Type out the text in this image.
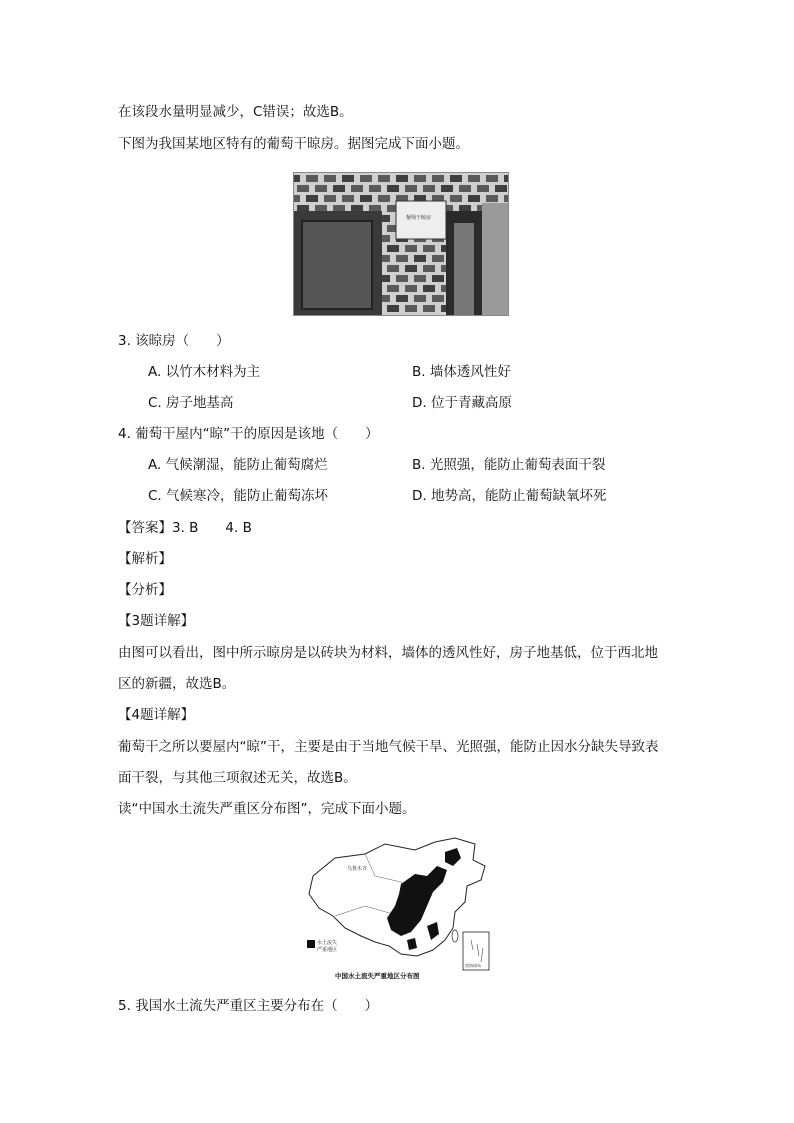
在该段水量明显减少，C错误；故选B。
下图为我国某地区特有的葡萄干晾房。据图完成下面小题。
葡萄干晾房
3. 该晾房（　　）
A. 以竹木材料为主	B. 墙体透风性好
C. 房子地基高	D. 位于青藏高原
4. 葡萄干屋内“晾”干的原因是该地（　　）
A. 气候潮湿，能防止葡萄腐烂	B. 光照强，能防止葡萄表面干裂
C. 气候寒冷，能防止葡萄冻坏	D. 地势高，能防止葡萄缺氧坏死
【答案】3. B　　4. B
【解析】
【分析】
【3题详解】
由图可以看出，图中所示晾房是以砖块为材料，墙体的透风性好，房子地基低，位于西北地
区的新疆，故选B。
【4题详解】
葡萄干之所以要屋内“晾”干，主要是由于当地气候干旱、光照强，能防止因水分缺失导致表
面干裂，与其他三项叙述无关，故选B。
读“中国水土流失严重区分布图”，完成下面小题。
乌鲁木齐
南海诸岛
水土流失
严重地区
中国水土流失严重地区分布图
5. 我国水土流失严重区主要分布在（　　）
